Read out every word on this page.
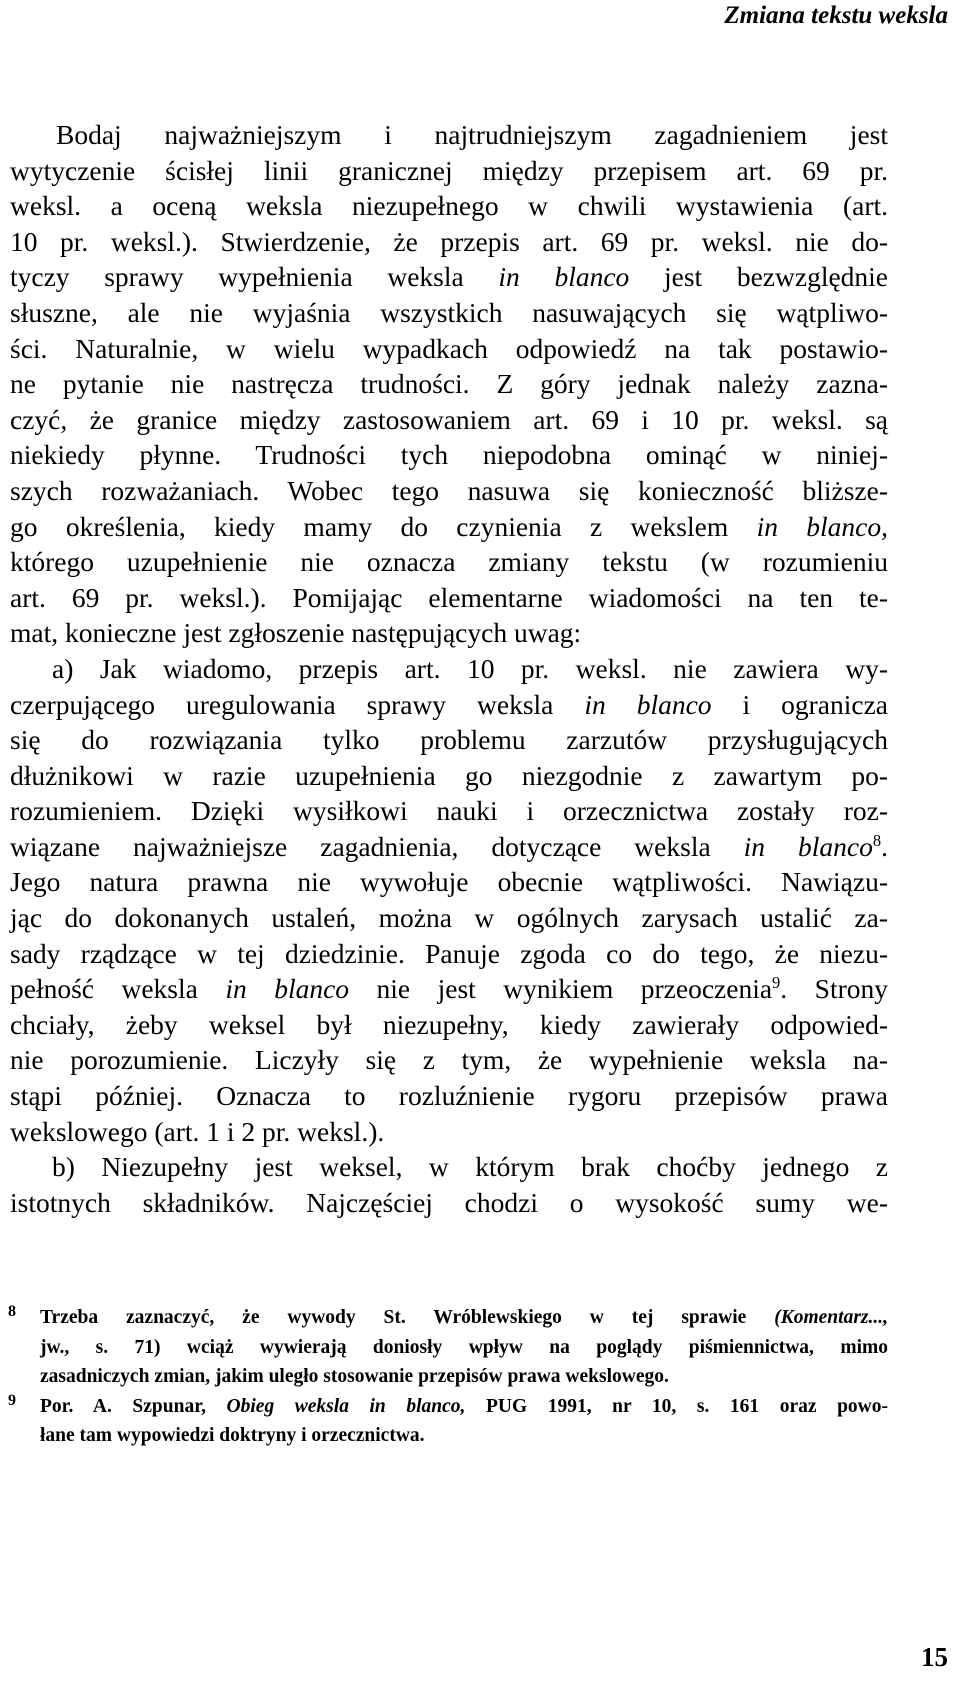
Zmiana tekstu weksla
Bodaj najważniejszym i najtrudniejszym zagadnieniem jest
wytyczenie ścisłej linii granicznej między przepisem art. 69 pr.
weksl. a oceną weksla niezupełnego w chwili wystawienia (art.
10 pr. weksl.). Stwierdzenie, że przepis art. 69 pr. weksl. nie do-
tyczy sprawy wypełnienia weksla in blanco jest bezwzględnie
słuszne, ale nie wyjaśnia wszystkich nasuwających się wątpliwo-
ści. Naturalnie, w wielu wypadkach odpowiedź na tak postawio-
ne pytanie nie nastręcza trudności. Z góry jednak należy zazna-
czyć, że granice między zastosowaniem art. 69 i 10 pr. weksl. są
niekiedy płynne. Trudności tych niepodobna ominąć w niniej-
szych rozważaniach. Wobec tego nasuwa się konieczność bliższe-
go określenia, kiedy mamy do czynienia z wekslem in blanco,
którego uzupełnienie nie oznacza zmiany tekstu (w rozumieniu
art. 69 pr. weksl.). Pomijając elementarne wiadomości na ten te-
mat, konieczne jest zgłoszenie następujących uwag:
a) Jak wiadomo, przepis art. 10 pr. weksl. nie zawiera wy-
czerpującego uregulowania sprawy weksla in blanco i ogranicza
się do rozwiązania tylko problemu zarzutów przysługujących
dłużnikowi w razie uzupełnienia go niezgodnie z zawartym po-
rozumieniem. Dzięki wysiłkowi nauki i orzecznictwa zostały roz-
wiązane najważniejsze zagadnienia, dotyczące weksla in blanco$^8$.
Jego natura prawna nie wywołuje obecnie wątpliwości. Nawiązu-
jąc do dokonanych ustaleń, można w ogólnych zarysach ustalić za-
sady rządzące w tej dziedzinie. Panuje zgoda co do tego, że niezu-
pełność weksla in blanco nie jest wynikiem przeoczenia$^9$. Strony
chciały, żeby weksel był niezupełny, kiedy zawierały odpowied-
nie porozumienie. Liczyły się z tym, że wypełnienie weksla na-
stąpi później. Oznacza to rozluźnienie rygoru przepisów prawa
wekslowego (art. 1 i 2 pr. weksl.).
b) Niezupełny jest weksel, w którym brak choćby jednego z
istotnych składników. Najczęściej chodzi o wysokość sumy we-
8 Trzeba zaznaczyć, że wywody St. Wróblewskiego w tej sprawie (Komentarz...,
jw., s. 71) wciąż wywierają doniosły wpływ na poglądy piśmiennictwa, mimo
zasadniczych zmian, jakim uległo stosowanie przepisów prawa wekslowego.
9 Por. A. Szpunar, Obieg weksla in blanco, PUG 1991, nr 10, s. 161 oraz powo-
łane tam wypowiedzi doktryny i orzecznictwa.
15
